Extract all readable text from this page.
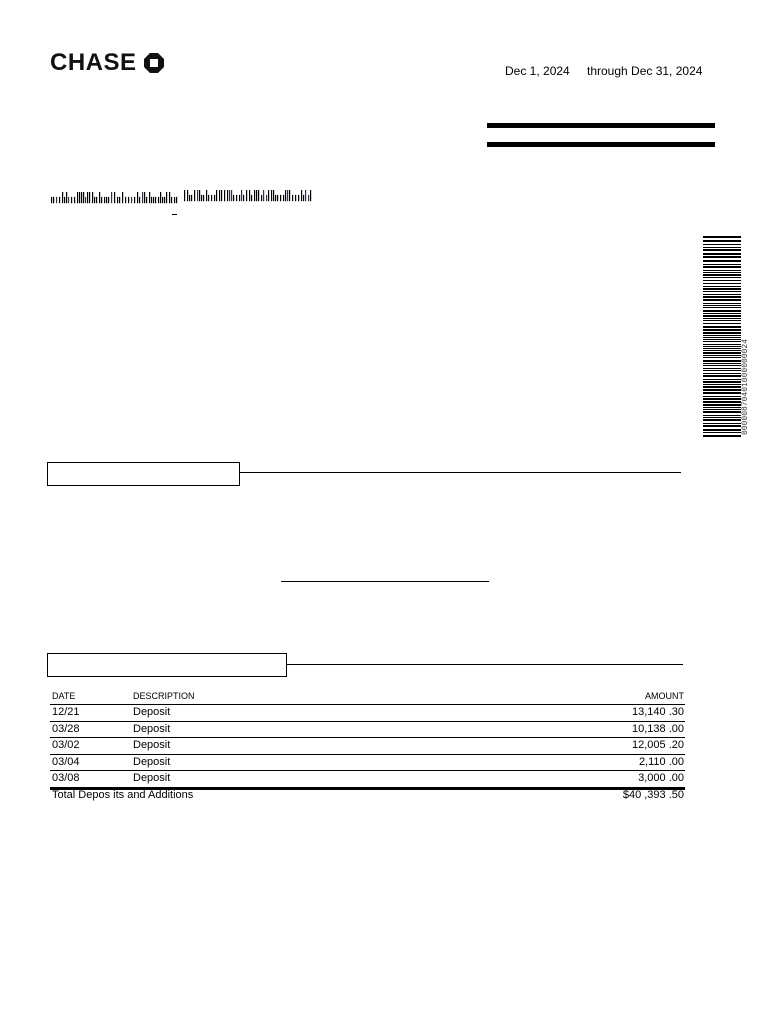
CHASE	Dec 1, 2024 through Dec 31, 2024
00000870401000000024
DATE	DESCRIPTION	AMOUNT
12/21	Deposit	13,140 .30
03/28	Deposit	10,138 .00
03/02	Deposit	12,005 .20
03/04	Deposit	2,110 .00
03/08	Deposit	3,000 .00
Total Depos its and Additions	$40 ,393 .50
